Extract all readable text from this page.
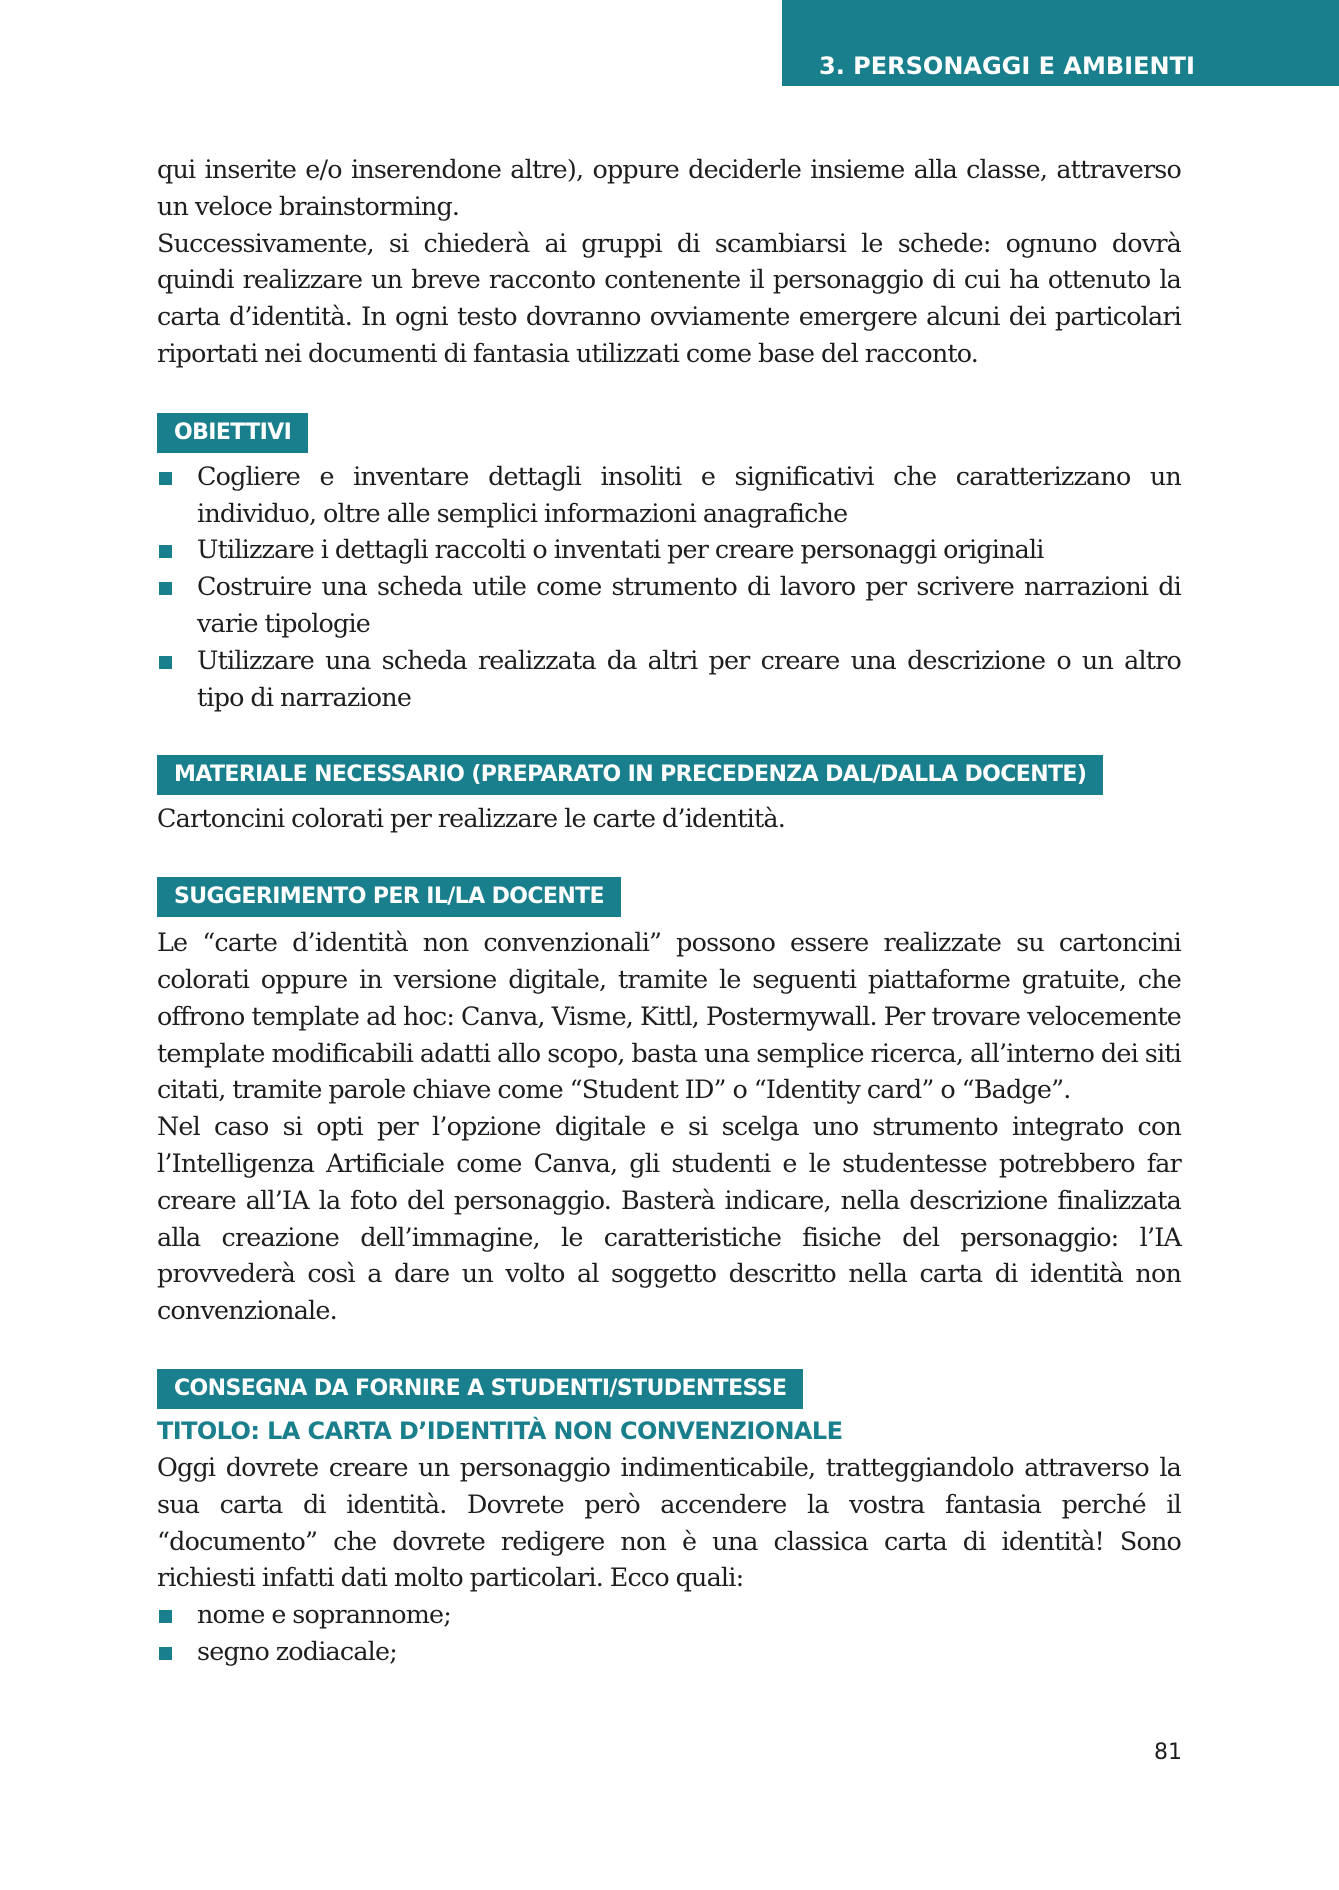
3. PERSONAGGI E AMBIENTI

qui inserite e/o inserendone altre), oppure deciderle insieme alla classe, attraverso un veloce brainstorming.

Successivamente, si chiederà ai gruppi di scambiarsi le schede: ognuno dovrà quindi realizzare un breve racconto contenente il personaggio di cui ha ottenuto la carta d’identità. In ogni testo dovranno ovviamente emergere alcuni dei particolari riportati nei documenti di fantasia utilizzati come base del racconto.

OBIETTIVI
Cogliere e inventare dettagli insoliti e significativi che caratterizzano un individuo, oltre alle semplici informazioni anagrafiche
Utilizzare i dettagli raccolti o inventati per creare personaggi originali
Costruire una scheda utile come strumento di lavoro per scrivere narrazioni di varie tipologie
Utilizzare una scheda realizzata da altri per creare una descrizione o un altro tipo di narrazione
MATERIALE NECESSARIO (PREPARATO IN PRECEDENZA DAL/DALLA DOCENTE)

Cartoncini colorati per realizzare le carte d’identità.

SUGGERIMENTO PER IL/LA DOCENTE

Le “carte d’identità non convenzionali” possono essere realizzate su cartoncini colorati oppure in versione digitale, tramite le seguenti piattaforme gratuite, che offrono template ad hoc: Canva, Visme, Kittl, Postermywall. Per trovare velocemente template modificabili adatti allo scopo, basta una semplice ricerca, all’interno dei siti citati, tramite parole chiave come “Student ID” o “Identity card” o “Badge”.

Nel caso si opti per l’opzione digitale e si scelga uno strumento integrato con l’Intelligenza Artificiale come Canva, gli studenti e le studentesse potrebbero far creare all’IA la foto del personaggio. Basterà indicare, nella descrizione finalizzata alla creazione dell’immagine, le caratteristiche fisiche del personaggio: l’IA provvederà così a dare un volto al soggetto descritto nella carta di identità non convenzionale.

CONSEGNA DA FORNIRE A STUDENTI/STUDENTESSE
TITOLO: LA CARTA D’IDENTITÀ NON CONVENZIONALE

Oggi dovrete creare un personaggio indimenticabile, tratteggiandolo attraverso la sua carta di identità. Dovrete però accendere la vostra fantasia perché il “documento” che dovrete redigere non è una classica carta di identità! Sono richiesti infatti dati molto particolari. Ecco quali:

nome e soprannome;
segno zodiacale;
81
